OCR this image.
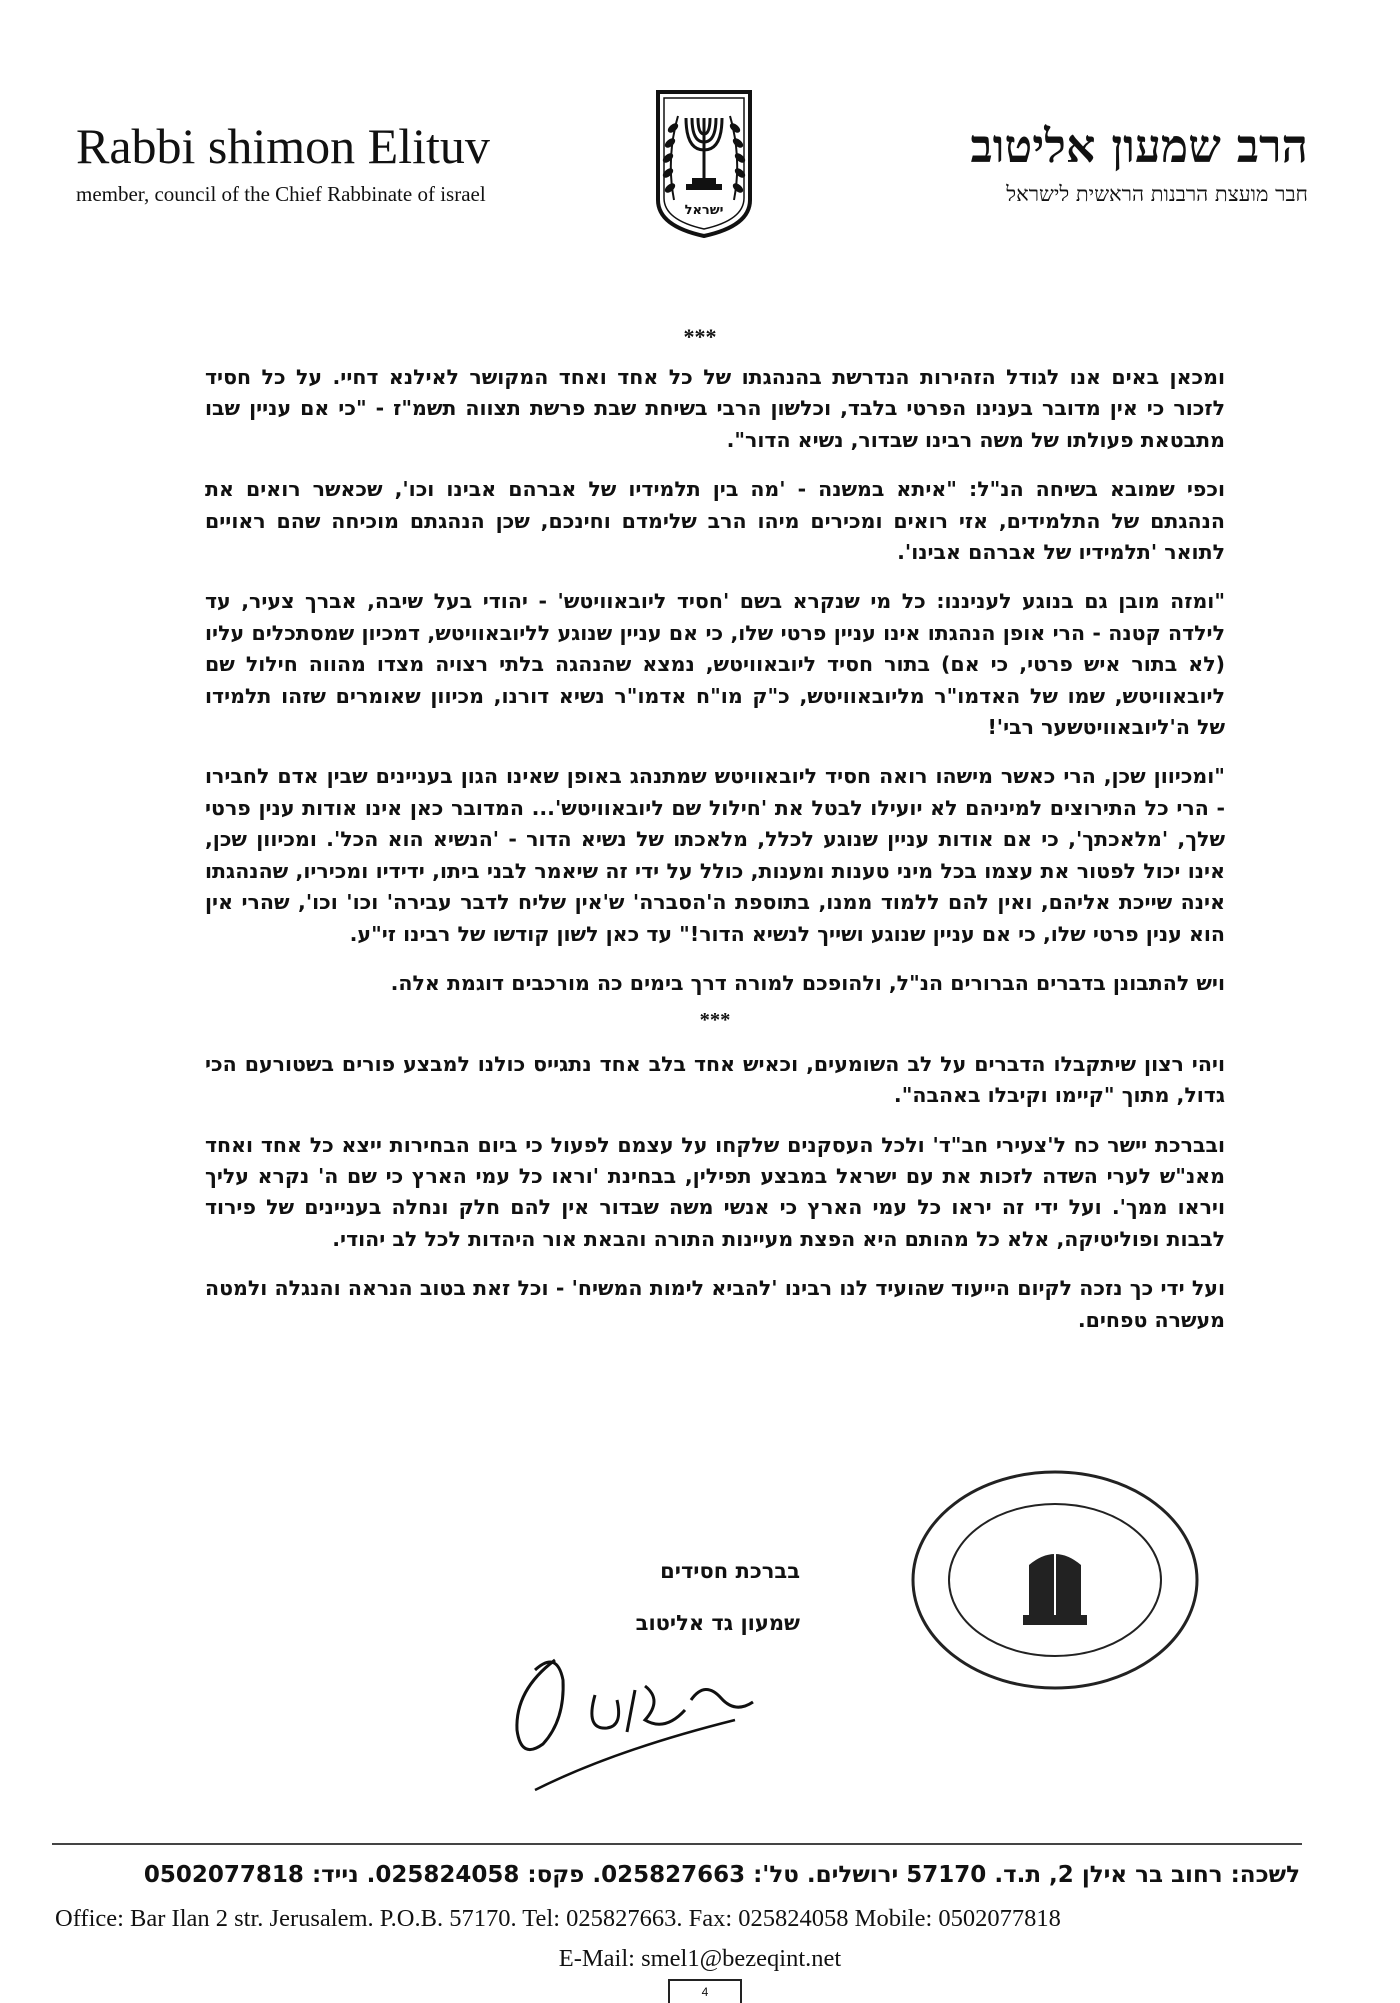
Rabbi shimon Elituv
member, council of the Chief Rabbinate of israel
ישראל
הרב שמעון אליטוב
חבר מועצת הרבנות הראשית לישראל
***

ומכאן באים אנו לגודל הזהירות הנדרשת בהנהגתו של כל אחד ואחד המקושר לאילנא דחיי. על כל חסיד לזכור כי אין מדובר בענינו הפרטי בלבד, וכלשון הרבי בשיחת שבת פרשת תצווה תשמ"ז - "כי אם עניין שבו מתבטאת פעולתו של משה רבינו שבדור, נשיא הדור".

וכפי שמובא בשיחה הנ"ל: "איתא במשנה - 'מה בין תלמידיו של אברהם אבינו וכו', שכאשר רואים את הנהגתם של התלמידים, אזי רואים ומכירים מיהו הרב שלימדם וחינכם, שכן הנהגתם מוכיחה שהם ראויים לתואר 'תלמידיו של אברהם אבינו'.

"ומזה מובן גם בנוגע לעניננו: כל מי שנקרא בשם 'חסיד ליובאוויטש' - יהודי בעל שיבה, אברך צעיר, עד לילדה קטנה - הרי אופן הנהגתו אינו עניין פרטי שלו, כי אם עניין שנוגע לליובאוויטש, דמכיון שמסתכלים עליו (לא בתור איש פרטי, כי אם) בתור חסיד ליובאוויטש, נמצא שהנהגה בלתי רצויה מצדו מהווה חילול שם ליובאוויטש, שמו של האדמו"ר מליובאוויטש, כ"ק מו"ח אדמו"ר נשיא דורנו, מכיוון שאומרים שזהו תלמידו של ה'ליובאוויטשער רבי'!

"ומכיוון שכן, הרי כאשר מישהו רואה חסיד ליובאוויטש שמתנהג באופן שאינו הגון בעניינים שבין אדם לחבירו - הרי כל התירוצים למיניהם לא יועילו לבטל את 'חילול שם ליובאוויטש'... המדובר כאן אינו אודות ענין פרטי שלך, 'מלאכתך', כי אם אודות עניין שנוגע לכלל, מלאכתו של נשיא הדור - 'הנשיא הוא הכל'. ומכיוון שכן, אינו יכול לפטור את עצמו בכל מיני טענות ומענות, כולל על ידי זה שיאמר לבני ביתו, ידידיו ומכיריו, שהנהגתו אינה שייכת אליהם, ואין להם ללמוד ממנו, בתוספת ה'הסברה' ש'אין שליח לדבר עבירה' וכו' וכו', שהרי אין הוא ענין פרטי שלו, כי אם עניין שנוגע ושייך לנשיא הדור!" עד כאן לשון קודשו של רבינו זי"ע.

ויש להתבונן בדברים הברורים הנ"ל, ולהופכם למורה דרך בימים כה מורכבים דוגמת אלה.

***

ויהי רצון שיתקבלו הדברים על לב השומעים, וכאיש אחד בלב אחד נתגייס כולנו למבצע פורים בשטורעם הכי גדול, מתוך "קיימו וקיבלו באהבה".

ובברכת יישר כח ל'צעירי חב"ד' ולכל העסקנים שלקחו על עצמם לפעול כי ביום הבחירות ייצא כל אחד ואחד מאנ"ש לערי השדה לזכות את עם ישראל במבצע תפילין, בבחינת 'וראו כל עמי הארץ כי שם ה' נקרא עליך ויראו ממך'. ועל ידי זה יראו כל עמי הארץ כי אנשי משה שבדור אין להם חלק ונחלה בעניינים של פירוד לבבות ופוליטיקה, אלא כל מהותם היא הפצת מעיינות התורה והבאת אור היהדות לכל לב יהודי.

ועל ידי כך נזכה לקיום הייעוד שהועיד לנו רבינו 'להביא לימות המשיח' - וכל זאת בטוב הנראה והנגלה ולמטה מעשרה טפחים.

בברכת חסידים
שמעון גד אליטוב
לשכה: רחוב בר אילן 2, ת.ד. 57170 ירושלים. טל': 025827663. פקס: 025824058. נייד: 0502077818
Office: Bar Ilan 2 str. Jerusalem. P.O.B. 57170. Tel: 025827663. Fax: 025824058 Mobile: 0502077818
E-Mail: smel1@bezeqint.net
4
